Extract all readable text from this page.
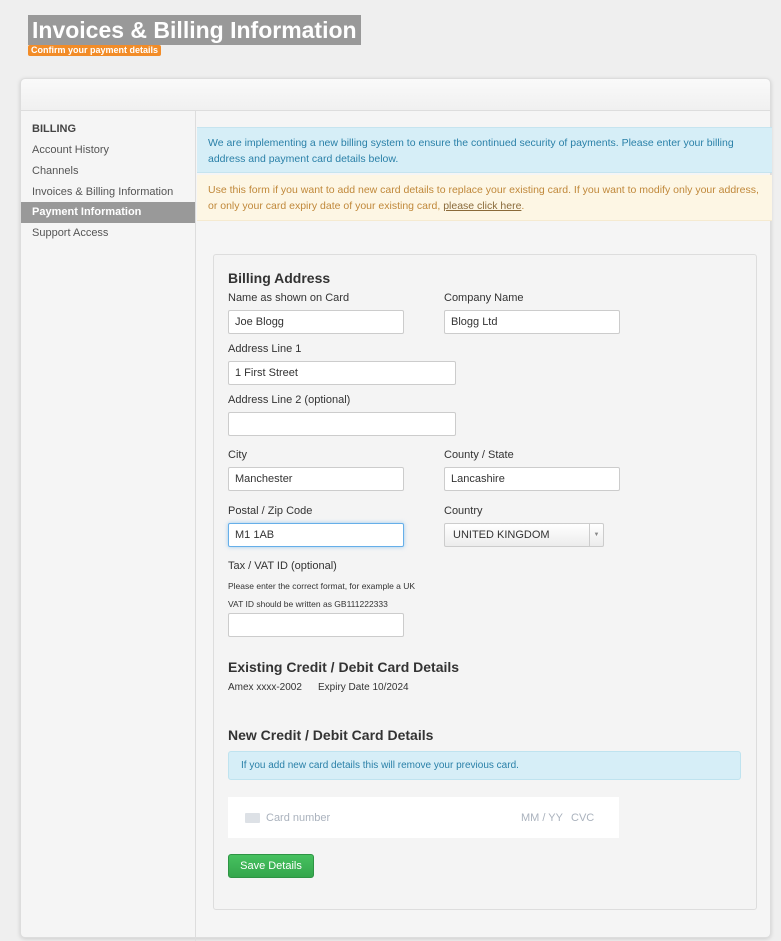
Invoices & Billing Information
Confirm your payment details
BILLING
Account History
Channels
Invoices & Billing Information
Payment Information
Support Access
We are implementing a new billing system to ensure the continued security of payments. Please enter your billing address and payment card details below.
Use this form if you want to add new card details to replace your existing card. If you want to modify only your address, or only your card expiry date of your existing card, please click here.
Billing Address
Name as shown on Card
Joe Blogg
Company Name
Blogg Ltd
Address Line 1
1 First Street
Address Line 2 (optional)
City
Manchester
County / State
Lancashire
Postal / Zip Code
M1 1AB
Country
UNITED KINGDOM	▼
Tax / VAT ID (optional)
Please enter the correct format, for example a UK
VAT ID should be written as GB111222333
Existing Credit / Debit Card Details
Amex xxxx-2002 Expiry Date 10/2024
New Credit / Debit Card Details
If you add new card details this will remove your previous card.
Card number	MM / YY CVC
Save Details
